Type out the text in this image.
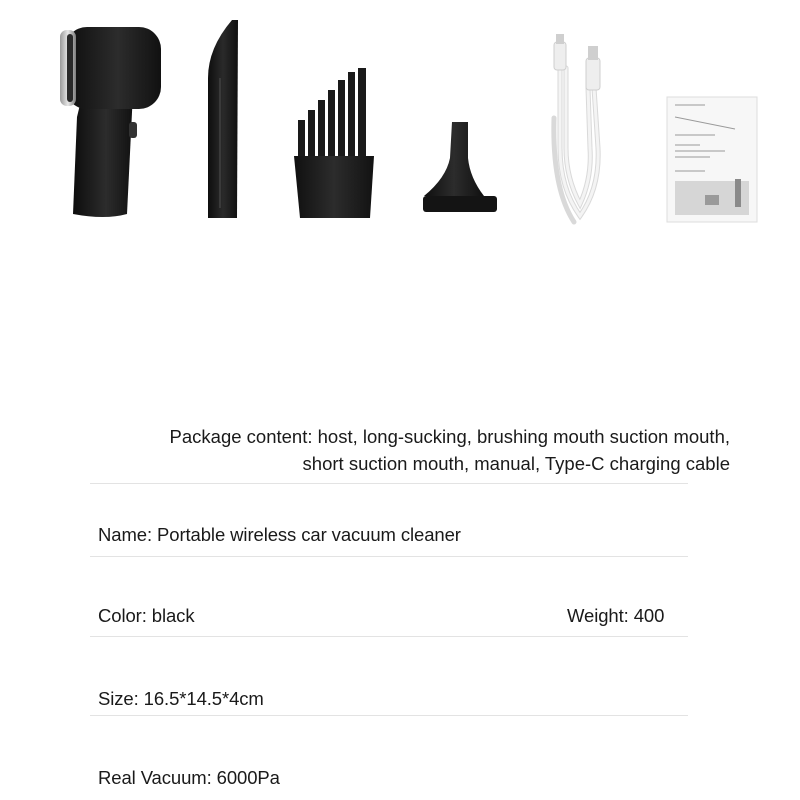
Package content: host, long-sucking, brushing mouth suction mouth,
short suction mouth, manual, Type-C charging cable
Name: Portable wireless car vacuum cleaner
Color: black	Weight: 400
Size: 16.5*14.5*4cm
Real Vacuum: 6000Pa
